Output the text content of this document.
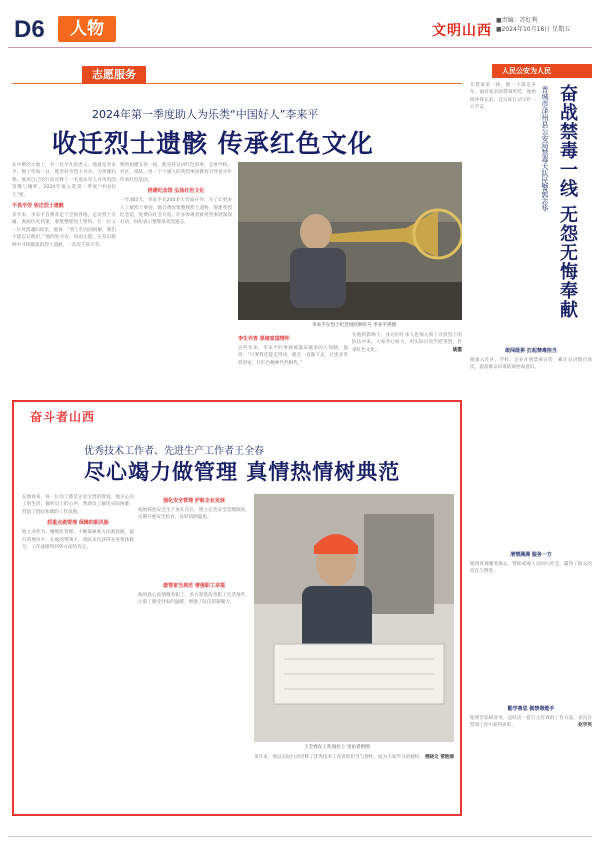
D6	人物	文明山西
■责编：苏紅利
■2024年10月18日 星期五
志愿服务
2024年第一季度助人为乐类“中国好人”李来平
收迁烈士遗骸 传承红色文化
在中華的大地上，有一位平凡的老人。他就是李来平。数十年如一日，他坚持为烈士寻亲，为英雄归葬。他用自己的行动诠释了一名退伍军人对英烈的崇敬与缅怀。2024年他入选第一季度“中国好人”榜。
不畏辛劳 收迁烈士遗骸
多年来，李来平自费奔走于全国各地，走访烈士亲属，查阅历史档案，收集整理烈士资料，让一位又一位英烈魂归故里。他说：“烈士们为国捐躯，我们不能忘记他们。”他四处寻访，风雨无阻，在荒山野岭中寻找散落的烈士遗骸，一次次不辞辛劳。
物资捐赠支持一线，他坚持宣讲红色故事，走进学校、社区、部队，用一个个感人的英烈事迹教育引导青少年传承红色基因。
捐建纪念馆 弘扬红色文化
一年365天，李来平有200多天奔波在外。为了让更多人了解烈士事迹，他自费收集整理烈士遗物，筹建英烈纪念馆，免费向社会开放。许多参观者被英烈事迹深深打动，纷纷表示要继承先烈遗志。
李来平在烈士纪念园吹响军号 李来平供图
李生作答 厚植家国情怀
这些年来，李来平的事迹被越来越多的人知晓。他说：“只要我还能走得动，就会一直做下去，让更多英烈回家，让红色精神代代相传。”
在他的影响下，身边的许多人也加入到了寻找烈士的队伍中来。大家齐心协力，用实际行动告慰英烈，传承红色文化。	姚霞
人民公安为人民
奋战禁毒一线 无怨无悔奉献
晋城市泽州县公安局禁毒大队民警郭志华
在禁毒第一线，他一干就是多年。面对复杂的禁毒形势，他始终冲锋在前，以实际行动守护一方平安。
敢闯敢拼 扛起禁毒担当
他深入社区、学校、企业开展禁毒宣传，累计宣讲数百场次，提高群众识毒防毒拒毒意识。
清情满满 服务一方
他用真情服务群众，帮助戒毒人员回归社会，赢得了群众的信任与赞誉。
勤学善思 做禁毒能手
他刻苦钻研业务，总结出一套行之有效的工作方法，多次在禁毒工作中获得表彰。	赵学英
奋斗者山西
优秀技术工作者、先进生产工作者王全春
尽心竭力做管理 真情热情树典范
在他看来，每一位员工都是企业宝贵的财富。他关心员工的生活，倾听员工的心声，帮助员工解决实际困难，营造了团结和谐的工作氛围。
抓重点做管理 保障的职风险
他主动作为，精细化管理，不断探索新方法新思路，提升管理水平。在他的带领下，团队多次获得先进集体称号，工作成绩得到各方面的肯定。
强化安全管理 护航企业发展
他始终把安全生产放在首位，建立完善安全管理制度，定期开展安全检查，及时消除隐患。
做管家当典范 增强职工幸福
他用真心真情服务职工，多方筹措改善职工生活条件，让职工感受到家的温暖，增强了队伍的凝聚力。
王全春在工作岗位上 受访者供图
多年来，他以实际行动诠释了优秀技术工作者的担当与情怀，成为大家学习的榜样。 贾晓文 常艳丽
